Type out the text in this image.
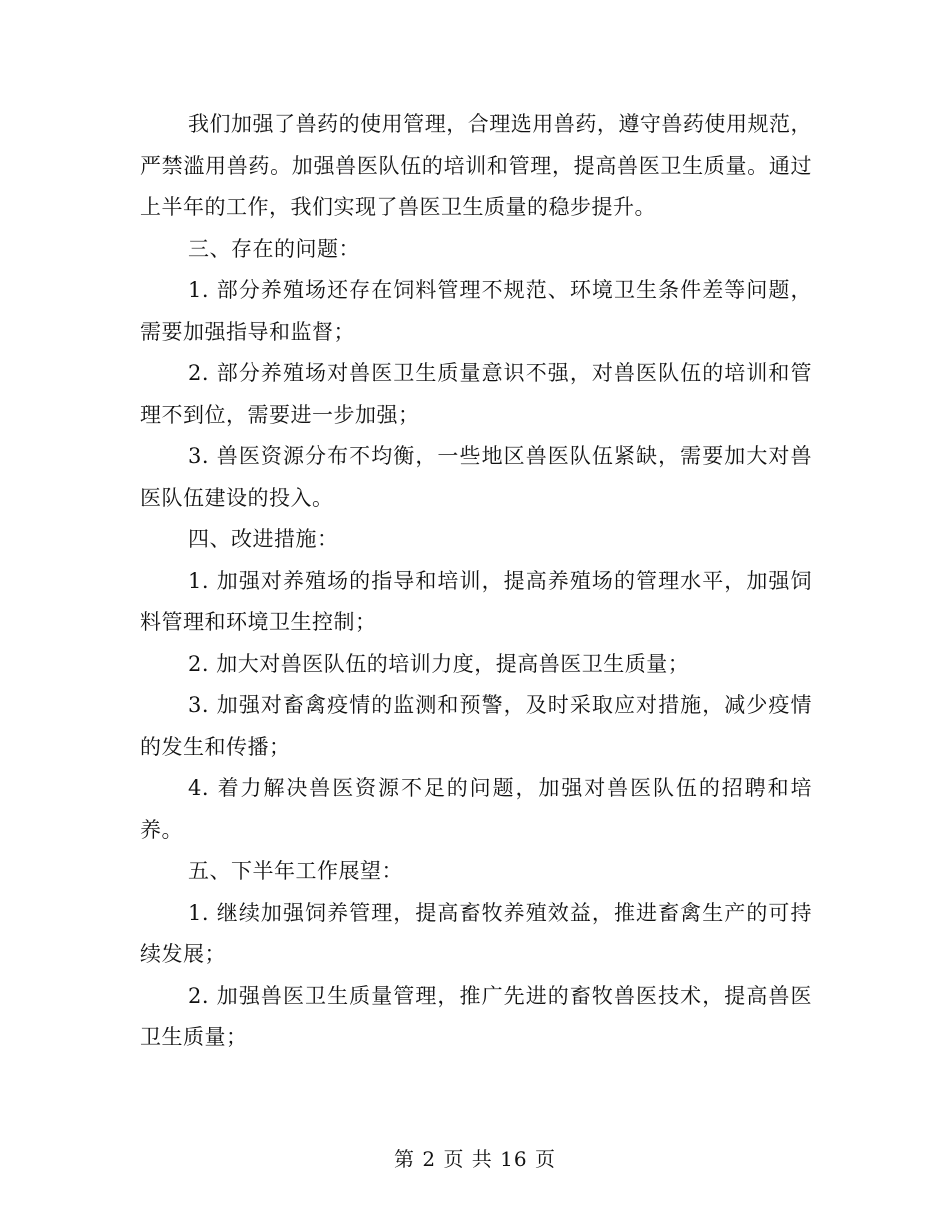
我们加强了兽药的使用管理，合理选用兽药，遵守兽药使用规范，严禁滥用兽药。加强兽医队伍的培训和管理，提高兽医卫生质量。通过上半年的工作，我们实现了兽医卫生质量的稳步提升。

三、存在的问题：

1. 部分养殖场还存在饲料管理不规范、环境卫生条件差等问题，需要加强指导和监督；

2. 部分养殖场对兽医卫生质量意识不强，对兽医队伍的培训和管理不到位，需要进一步加强；

3. 兽医资源分布不均衡，一些地区兽医队伍紧缺，需要加大对兽医队伍建设的投入。

四、改进措施：

1. 加强对养殖场的指导和培训，提高养殖场的管理水平，加强饲料管理和环境卫生控制；

2. 加大对兽医队伍的培训力度，提高兽医卫生质量；

3. 加强对畜禽疫情的监测和预警，及时采取应对措施，减少疫情的发生和传播；

4. 着力解决兽医资源不足的问题，加强对兽医队伍的招聘和培养。

五、下半年工作展望：

1. 继续加强饲养管理，提高畜牧养殖效益，推进畜禽生产的可持续发展；

2. 加强兽医卫生质量管理，推广先进的畜牧兽医技术，提高兽医卫生质量；

第 2 页 共 16 页
